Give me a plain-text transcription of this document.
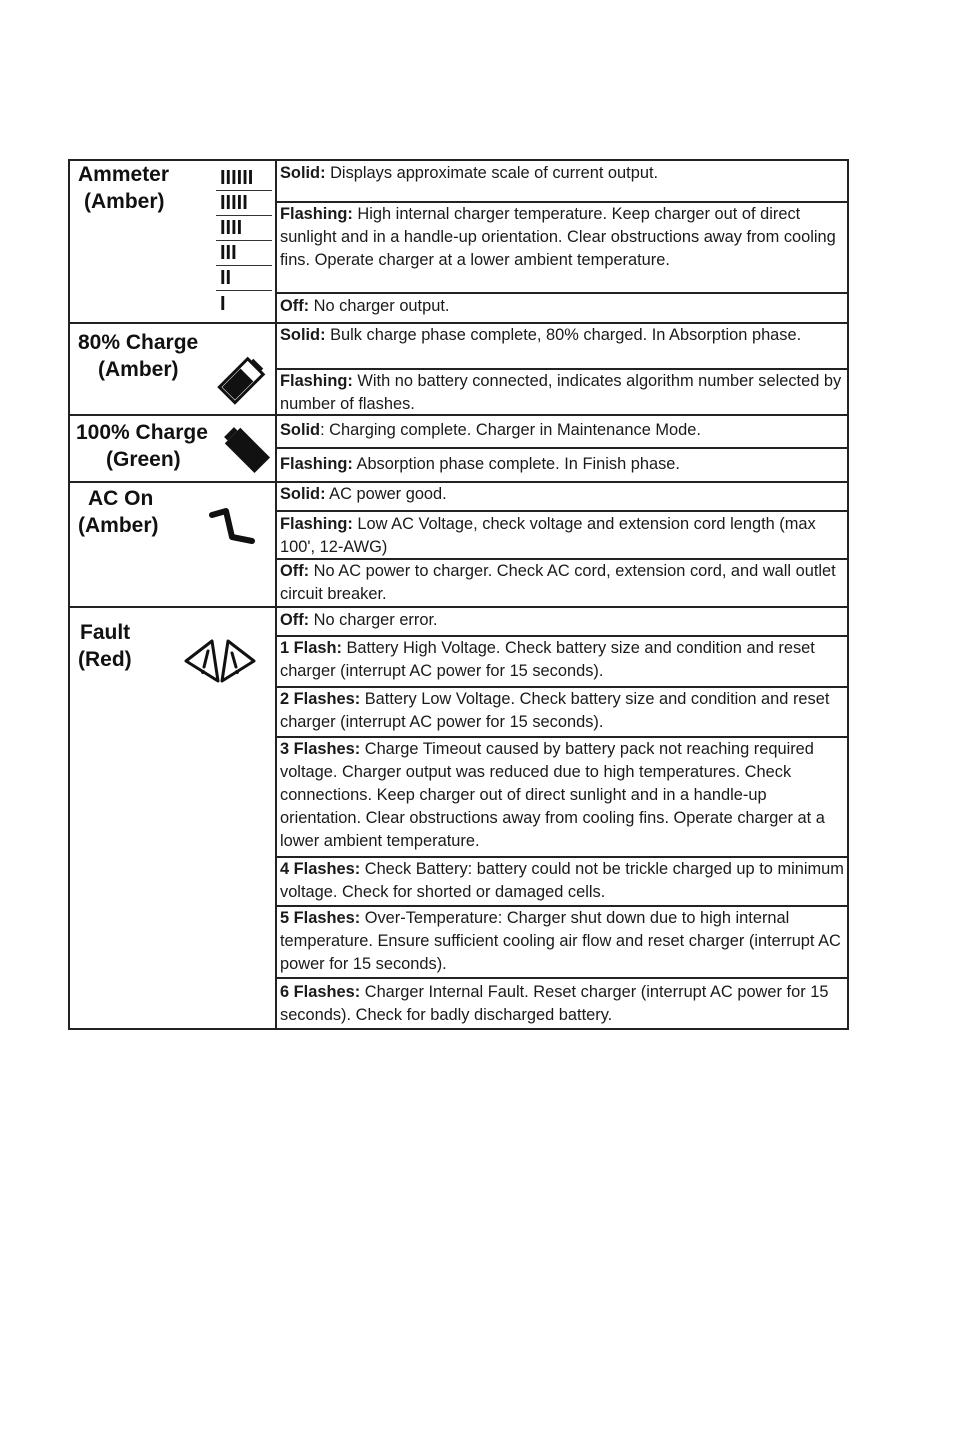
Ammeter
(Amber)
IIIIII
IIIII
IIII
III
II
I
Solid: Displays approximate scale of current output.
Flashing: High internal charger temperature. Keep charger out of direct sunlight and in a handle-up orientation. Clear obstructions away from cooling fins. Operate charger at a lower ambient temperature.
Off: No charger output.
80% Charge
(Amber)
Solid: Bulk charge phase complete, 80% charged. In Absorption phase.
Flashing: With no battery connected, indicates algorithm number selected by number of flashes.
100% Charge
(Green)
Solid: Charging complete. Charger in Maintenance Mode.
Flashing: Absorption phase complete. In Finish phase.
AC On
(Amber)
Solid: AC power good.
Flashing: Low AC Voltage, check voltage and extension cord length (max 100', 12-AWG)
Off: No AC power to charger. Check AC cord, extension cord, and wall outlet circuit breaker.
Fault
(Red)
Off: No charger error.
1 Flash: Battery High Voltage. Check battery size and condition and reset charger (interrupt AC power for 15 seconds).
2 Flashes: Battery Low Voltage. Check battery size and condition and reset charger (interrupt AC power for 15 seconds).
3 Flashes: Charge Timeout caused by battery pack not reaching required voltage. Charger output was reduced due to high temperatures. Check connections. Keep charger out of direct sunlight and in a handle-up orientation. Clear obstructions away from cooling fins. Operate charger at a lower ambient temperature.
4 Flashes: Check Battery: battery could not be trickle charged up to minimum voltage. Check for shorted or damaged cells.
5 Flashes: Over-Temperature: Charger shut down due to high internal temperature. Ensure sufficient cooling air flow and reset charger (interrupt AC power for 15 seconds).
6 Flashes: Charger Internal Fault. Reset charger (interrupt AC power for 15 seconds). Check for badly discharged battery.
